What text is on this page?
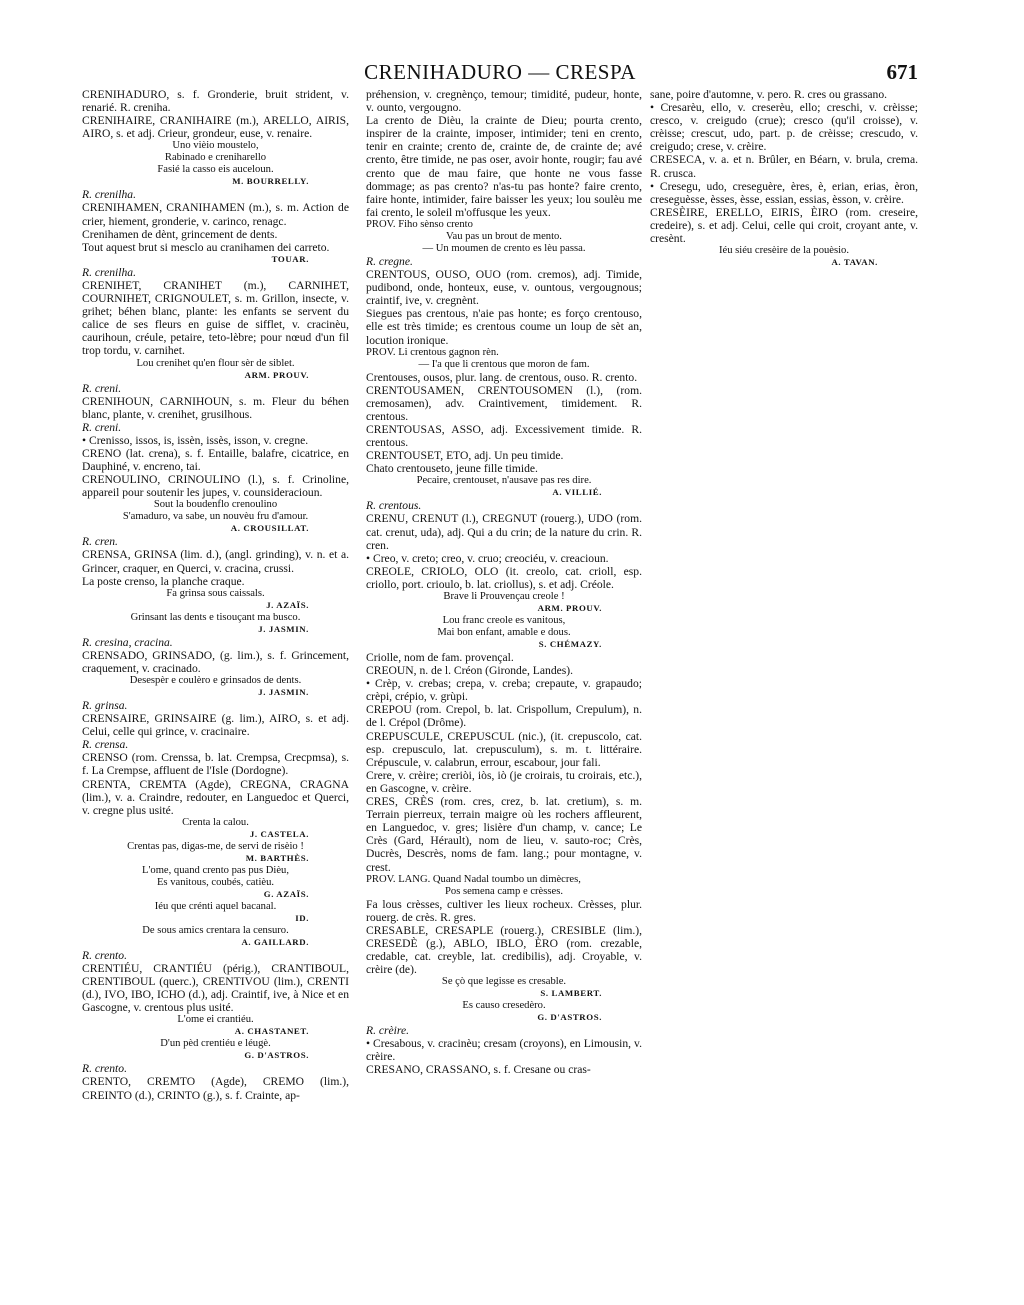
CRENIHADURO — CRESPA	671

CRENIHADURO, s. f. Gronderie, bruit strident, v. renarié. R. creniha.

CRENIHAIRE, CRANIHAIRE (m.), ARELLO, AIRIS, AIRO, s. et adj. Crieur, grondeur, euse, v. renaire.

Uno vièio moustelo,

Rabinado e creniharello

Fasié la casso eis auceloun.

M. BOURRELLY.

R. crenilha.

CRENIHAMEN, CRANIHAMEN (m.), s. m. Action de crier, hiement, gronderie, v. carinco, renagc.

Crenihamen de dènt, grincement de dents.

Tout aquest brut si mesclo au cranihamen dei carreto.

TOUAR.

R. crenilha.

CRENIHET, CRANIHET (m.), CARNIHET, COURNIHET, CRIGNOULET, s. m. Grillon, insecte, v. grihet; béhen blanc, plante: les enfants se servent du calice de ses fleurs en guise de sifflet, v. cracinèu, caurihoun, créule, petaire, teto-lèbre; pour nœud d'un fil trop tordu, v. carnihet.

Lou crenihet qu'en flour sèr de siblet.

ARM. PROUV.

R. creni.

CRENIHOUN, CARNIHOUN, s. m. Fleur du béhen blanc, plante, v. crenihet, grusilhous.

R. creni.

• Crenisso, issos, is, issèn, issès, isson, v. cregne.

CRENO (lat. crena), s. f. Entaille, balafre, cicatrice, en Dauphiné, v. encreno, tai.

CRENOULINO, CRINOULINO (l.), s. f. Crinoline, appareil pour soutenir les jupes, v. counsideracioun.

Sout la boudenflo crenoulino

S'amaduro, va sabe, un nouvèu fru d'amour.

A. CROUSILLAT.

R. cren.

CRENSA, GRINSA (lim. d.), (angl. grinding), v. n. et a. Grincer, craquer, en Querci, v. cracina, crussi.

La poste crenso, la planche craque.

Fa grinsa sous caissals.

J. AZAÏS.

Grinsant las dents e tisouçant ma busco.

J. JASMIN.

R. cresina, cracina.

CRENSADO, GRINSADO, (g. lim.), s. f. Grincement, craquement, v. cracinado.

Desespèr e coulèro e grinsados de dents.

J. JASMIN.

R. grinsa.

CRENSAIRE, GRINSAIRE (g. lim.), AIRO, s. et adj. Celui, celle qui grince, v. cracinaire.

R. crensa.

CRENSO (rom. Crenssa, b. lat. Crempsa, Crecpmsa), s. f. La Crempse, affluent de l'Isle (Dordogne).

CRENTA, CREMTA (Agde), CREGNA, CRAGNA (lim.), v. a. Craindre, redouter, en Languedoc et Querci, v. cregne plus usité.

Crenta la calou.

J. CASTELA.

Crentas pas, digas-me, de servi de risèio !

M. BARTHÈS.

L'ome, quand crento pas pus Dièu,

Es vanitous, coubés, catièu.

G. AZAÏS.

Iéu que crénti aquel bacanal.

ID.

De sous amics crentara la censuro.

A. GAILLARD.

R. crento.

CRENTIÉU, CRANTIÉU (périg.), CRANTIBOUL, CRENTIBOUL (querc.), CRENTIVOU (lim.), CRENTI (d.), IVO, IBO, ICHO (d.), adj. Craintif, ive, à Nice et en Gascogne, v. crentous plus usité.

L'ome ei crantiéu.

A. CHASTANET.

D'un pèd crentiéu e léugè.

G. D'ASTROS.

R. crento.

CRENTO, CREMTO (Agde), CREMO (lim.), CREINTO (d.), CRINTO (g.), s. f. Crainte, ap-

préhension, v. cregnènço, temour; timidité, pudeur, honte, v. ounto, vergougno.

La crento de Dièu, la crainte de Dieu; pourta crento, inspirer de la crainte, imposer, intimider; teni en crento, tenir en crainte; crento de, crainte de, de crainte de; avé crento, être timide, ne pas oser, avoir honte, rougir; fau avé crento que de mau faire, que honte ne vous fasse dommage; as pas crento? n'as-tu pas honte? faire crento, faire honte, intimider, faire baisser les yeux; lou soulèu me fai crento, le soleil m'offusque les yeux.

PROV. Fiho sènso crento

Vau pas un brout de mento.

— Un moumen de crento es lèu passa.

R. cregne.

CRENTOUS, OUSO, OUO (rom. cremos), adj. Timide, pudibond, onde, honteux, euse, v. ountous, vergougnous; craintif, ive, v. cregnènt.

Siegues pas crentous, n'aie pas honte; es forço crentouso, elle est très timide; es crentous coume un loup de sèt an, locution ironique.

PROV. Li crentous gagnon rèn.

— I'a que li crentous que moron de fam.

Crentouses, ousos, plur. lang. de crentous, ouso. R. crento.

CRENTOUSAMEN, CRENTOUSOMEN (l.), (rom. cremosamen), adv. Craintivement, timidement. R. crentous.

CRENTOUSAS, ASSO, adj. Excessivement timide. R. crentous.

CRENTOUSET, ETO, adj. Un peu timide.

Chato crentouseto, jeune fille timide.

Pecaire, crentouset, n'ausave pas res dire.

A. VILLIÉ.

R. crentous.

CRENU, CRENUT (l.), CREGNUT (rouerg.), UDO (rom. cat. crenut, uda), adj. Qui a du crin; de la nature du crin. R. cren.

• Creo, v. creto; creo, v. cruo; creociéu, v. creacioun.

CREOLE, CRIOLO, OLO (it. creolo, cat. crioll, esp. criollo, port. crioulo, b. lat. criollus), s. et adj. Créole.

Brave li Prouvençau creole !

ARM. PROUV.

Lou franc creole es vanitous,

Mai bon enfant, amable e dous.

S. CHÉMAZY.

Criolle, nom de fam. provençal.

CREOUN, n. de l. Créon (Gironde, Landes).

• Crèp, v. crebas; crepa, v. creba; crepaute, v. grapaudo; crèpi, crépio, v. grùpi.

CREPOU (rom. Crepol, b. lat. Crispollum, Crepulum), n. de l. Crépol (Drôme).

CREPUSCULE, CREPUSCUL (nic.), (it. crepuscolo, cat. esp. crepusculo, lat. crepusculum), s. m. t. littéraire. Crépuscule, v. calabrun, errour, escabour, jour fali.

Crere, v. crèire; creriòi, iòs, iò (je croirais, tu croirais, etc.), en Gascogne, v. crèire.

CRES, CRÈS (rom. cres, crez, b. lat. cretium), s. m. Terrain pierreux, terrain maigre où les rochers affleurent, en Languedoc, v. gres; lisière d'un champ, v. cance; Le Crès (Gard, Hérault), nom de lieu, v. sauto-roc; Crès, Ducrès, Descrès, noms de fam. lang.; pour montagne, v. crest.

PROV. LANG. Quand Nadal toumbo un dimècres,

Pos semena camp e crèsses.

Fa lous crèsses, cultiver les lieux rocheux. Crèsses, plur. rouerg. de crès. R. gres.

CRESABLE, CRESAPLE (rouerg.), CRESIBLE (lim.), CRESEDÈ (g.), ABLO, IBLO, ÈRO (rom. crezable, credable, cat. creyble, lat. credibilis), adj. Croyable, v. crèire (de).

Se çò que legisse es cresable.

S. LAMBERT.

Es causo cresedèro.

G. D'ASTROS.

R. crèire.

• Cresabous, v. cracinèu; cresam (croyons), en Limousin, v. crèire.

CRESANO, CRASSANO, s. f. Cresane ou cras-

sane, poire d'automne, v. pero. R. cres ou grassano.

• Cresarèu, ello, v. creserèu, ello; creschi, v. crèisse; cresco, v. creigudo (crue); cresco (qu'il croisse), v. crèisse; crescut, udo, part. p. de crèisse; crescudo, v. creigudo; crese, v. crèire.

CRESECA, v. a. et n. Brûler, en Béarn, v. brula, crema. R. crusca.

• Cresegu, udo, creseguère, ères, è, erian, erias, èron, creseguèsse, èsses, èsse, essian, essias, èsson, v. crèire.

CRESÈIRE, ERELLO, EIRIS, ÈIRO (rom. creseire, credeire), s. et adj. Celui, celle qui croit, croyant ante, v. cresènt.

Iéu siéu cresèire de la pouèsio.

A. TAVAN.
